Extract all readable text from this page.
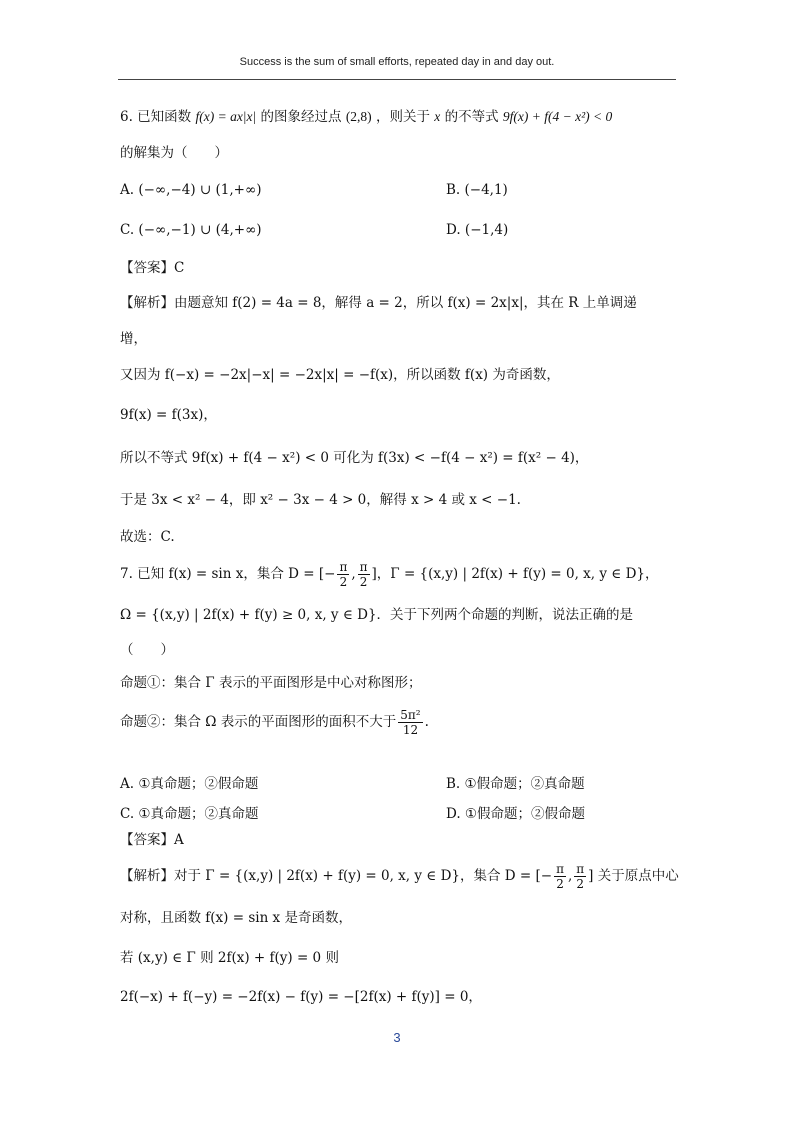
Success is the sum of small efforts, repeated day in and day out.
6. 已知函数 f(x) = ax|x| 的图象经过点 (2,8) ，则关于 x 的不等式 9f(x) + f(4 − x²) < 0
的解集为（　　）
A. (−∞,−4) ∪ (1,+∞)	B. (−4,1)
C. (−∞,−1) ∪ (4,+∞)	D. (−1,4)
【答案】C
【解析】由题意知 f(2) = 4a = 8，解得 a = 2，所以 f(x) = 2x|x|，其在 R 上单调递
增，
又因为 f(−x) = −2x|−x| = −2x|x| = −f(x)，所以函数 f(x) 为奇函数，
9f(x) = f(3x)，
所以不等式 9f(x) + f(4 − x²) < 0 可化为 f(3x) < −f(4 − x²) = f(x² − 4)，
于是 3x < x² − 4，即 x² − 3x − 4 > 0，解得 x > 4 或 x < −1.
故选：C.
7. 已知 f(x) = sin x，集合 D = [− $\frac{\pi}{2}$ , $\frac{\pi}{2}$ ]，Γ = {(x,y) | 2f(x) + f(y) = 0, x, y ∈ D}，
Ω = {(x,y) | 2f(x) + f(y) ≥ 0, x, y ∈ D}．关于下列两个命题的判断，说法正确的是
（　　）
命题①：集合 Γ 表示的平面图形是中心对称图形；
命题②：集合 Ω 表示的平面图形的面积不大于 $\frac{\text{5π²}}{12}$ .
A. ①真命题；②假命题	B. ①假命题；②真命题
C. ①真命题；②真命题	D. ①假命题；②假命题
【答案】A
【解析】对于 Γ = {(x,y) | 2f(x) + f(y) = 0, x, y ∈ D}，集合 D = [− $\frac{\pi}{2}$ , $\frac{\pi}{2}$ ] 关于原点中心
对称，且函数 f(x) = sin x 是奇函数，
若 (x,y) ∈ Γ 则 2f(x) + f(y) = 0 则
2f(−x) + f(−y) = −2f(x) − f(y) = −[2f(x) + f(y)] = 0，
3
